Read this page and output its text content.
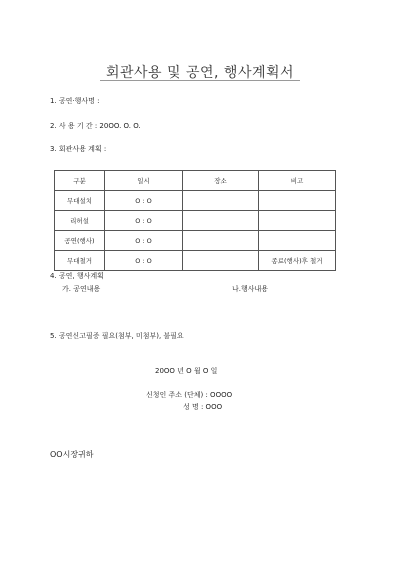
회관사용 및 공연, 행사계획서
1. 공연·행사명 :
2. 사 용 기 간 : 20OO. O. O.
3. 회관사용 계획 :
구분	일시	장소	비고
무대설치	O : O		
리허설	O : O		
공연(행사)	O : O		
무대철거	O : O		종료(행사)후 철거
4. 공연, 행사계획
가. 공연내용	나.행사내용
5. 공연신고필증 필요(첨부, 미첨부), 불필요
20OO 년 O 월 O 일
신청인 주소 (단체) : OOOO
성 명 : OOO
OO시장귀하
